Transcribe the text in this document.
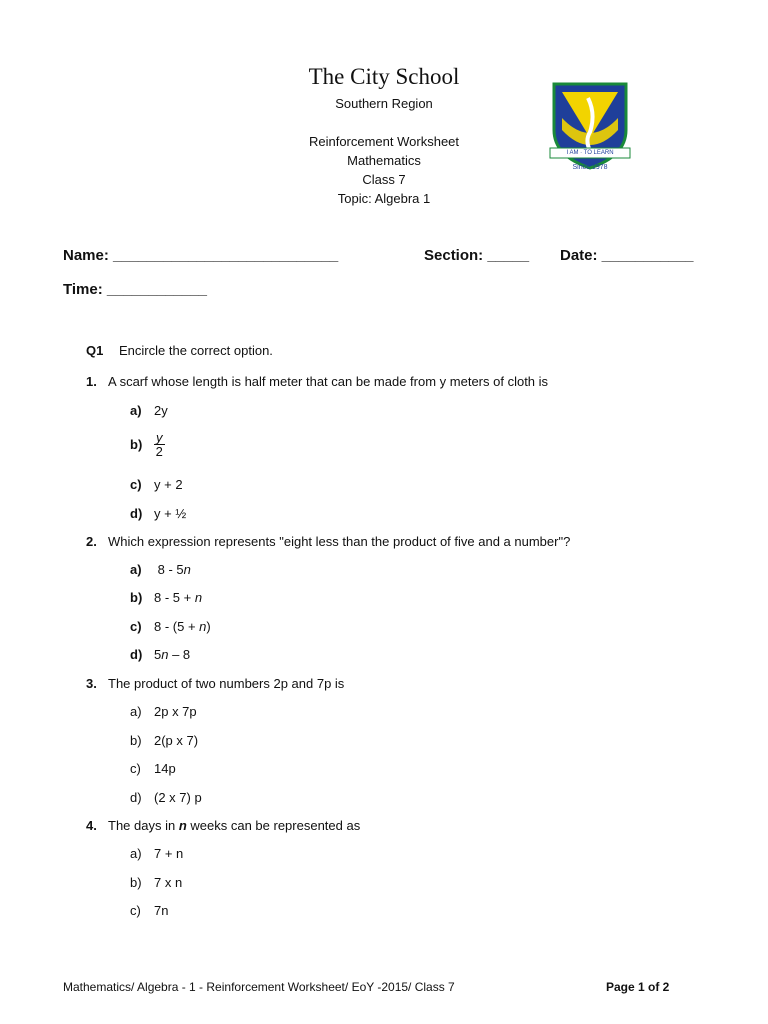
The City School
Southern Region
Reinforcement Worksheet
Mathematics
Class 7
Topic: Algebra 1
I AM · TO LEARN
Since 1978
Name: ___________________________	Section: _____ Date: ___________
Time: ____________
Q1 Encircle the correct option.
1. A scarf whose length is half meter that can be made from y meters of cloth is
a) 2y
$b) \frac{y}{2}$
c) y + 2
d) y + ½
2. Which expression represents "eight less than the product of five and a number"?
a) 8 - 5n
b) 8 - 5 + n
c) 8 - (5 + n)
d) 5n – 8
3. The product of two numbers 2p and 7p is
a) 2p x 7p
b) 2(p x 7)
c) 14p
d) (2 x 7) p
4. The days in n weeks can be represented as
a) 7 + n
b) 7 x n
c) 7n
Mathematics/ Algebra - 1 - Reinforcement Worksheet/ EoY -2015/ Class 7	Page 1 of 2
